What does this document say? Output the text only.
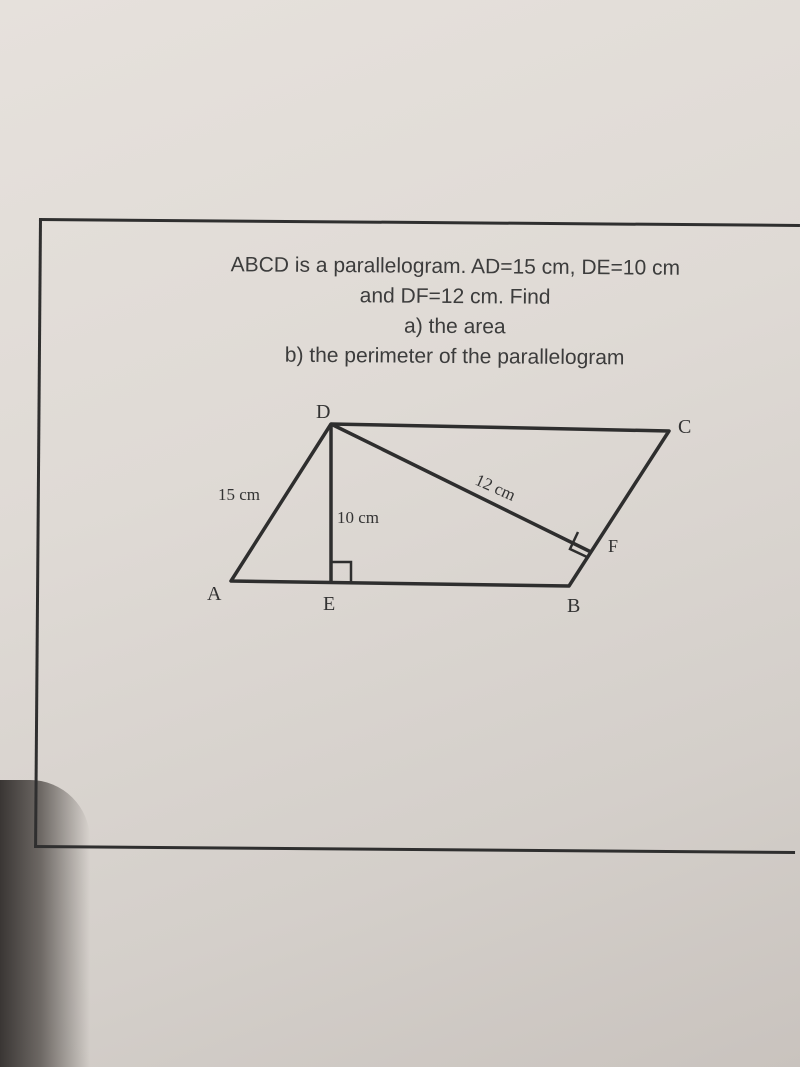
ABCD is a parallelogram. AD=15 cm, DE=10 cm
and DF=12 cm. Find
a) the area
b) the perimeter of the parallelogram
D
C
A	E	B
F
15 cm
10 cm
12 cm
